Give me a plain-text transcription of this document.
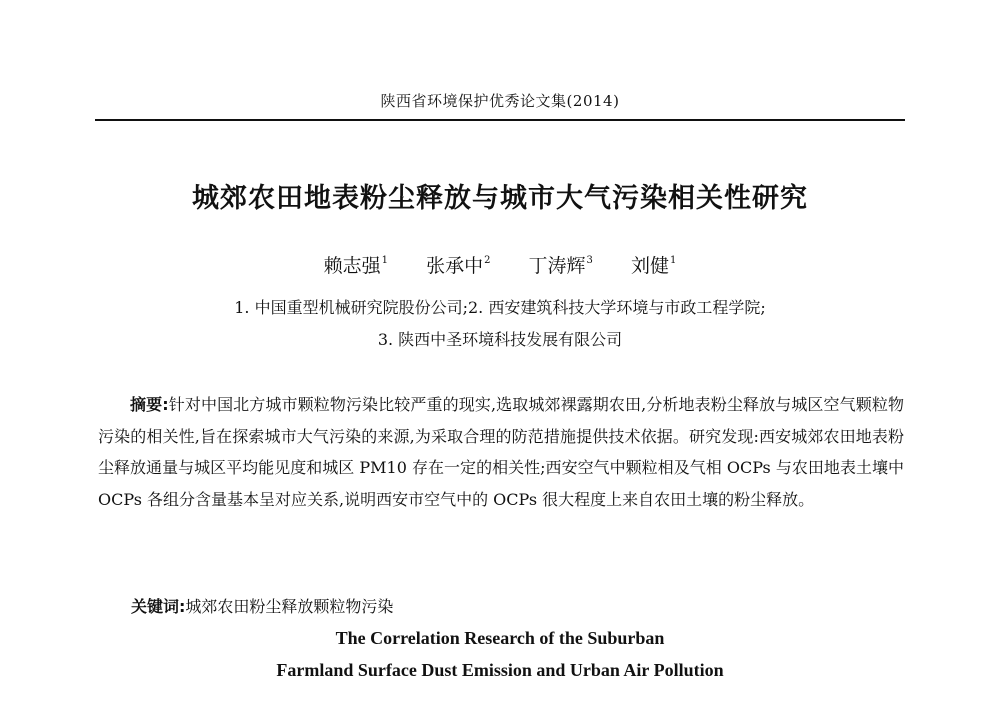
陕西省环境保护优秀论文集(2014)
城郊农田地表粉尘释放与城市大气污染相关性研究
赖志强$^1$ 张承中$^2$ 丁涛辉$^3$ 刘健$^1$
1. 中国重型机械研究院股份公司;2. 西安建筑科技大学环境与市政工程学院;
3. 陕西中圣环境科技发展有限公司

摘要:针对中国北方城市颗粒物污染比较严重的现实,选取城郊裸露期农田,分析地表粉尘释放与城区空气颗粒物污染的相关性,旨在探索城市大气污染的来源,为采取合理的防范措施提供技术依据。研究发现:西安城郊农田地表粉尘释放通量与城区平均能见度和城区 PM10 存在一定的相关性;西安空气中颗粒相及气相 OCPs 与农田地表土壤中 OCPs 各组分含量基本呈对应关系,说明西安市空气中的 OCPs 很大程度上来自农田土壤的粉尘释放。

关键词:城郊农田粉尘释放颗粒物污染
The Correlation Research of the Suburban
Farmland Surface Dust Emission and Urban Air Pollution
